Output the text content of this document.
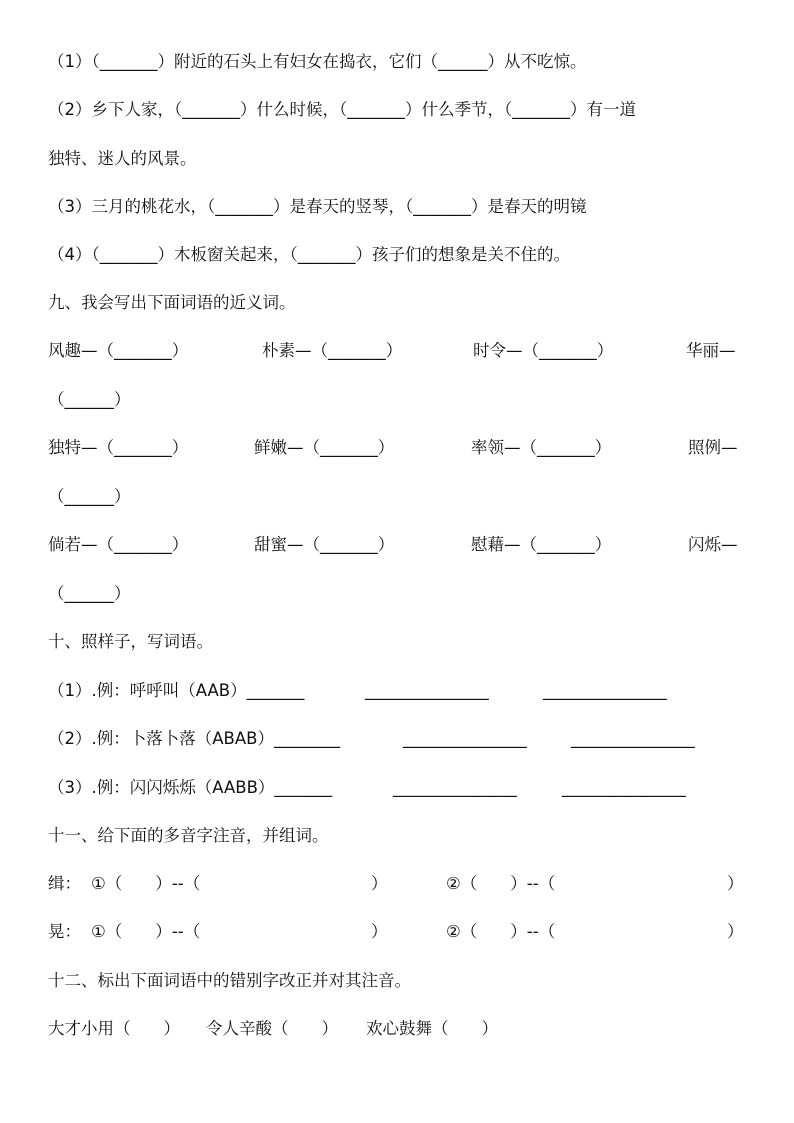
（1）（_______）附近的石头上有妇女在捣衣，它们（______）从不吃惊。
（2）乡下人家，（_______）什么时候，（_______）什么季节，（_______）有一道
独特、迷人的风景。
（3）三月的桃花水，（_______）是春天的竖琴，（_______）是春天的明镜
（4）（_______）木板窗关起来，（_______）孩子们的想象是关不住的。
九、我会写出下面词语的近义词。
风趣—（_______）	朴素—（_______）	时令—（_______）	华丽—
（______）
独特—（_______）	鲜嫩—（_______）	率领—（_______）	照例—
（______）
倘若—（_______）	甜蜜—（_______）	慰藉—（_______）	闪烁—
（______）
十、照样子，写词语。
（1）.例：呼呼叫（AAB）_______	_______________	_______________
（2）.例：卜落卜落（ABAB）________	_______________	_______________
（3）.例：闪闪烁烁（AABB）_______	_______________	_______________
十一、给下面的多音字注音，并组词。
缉： ①（　　）--（	）	②（　　）--（	）
晃： ①（　　）--（	）	②（　　）--（	）
十二、标出下面词语中的错别字改正并对其注音。
大才小用（　　） 令人辛酸（　　） 欢心鼓舞（　　）
